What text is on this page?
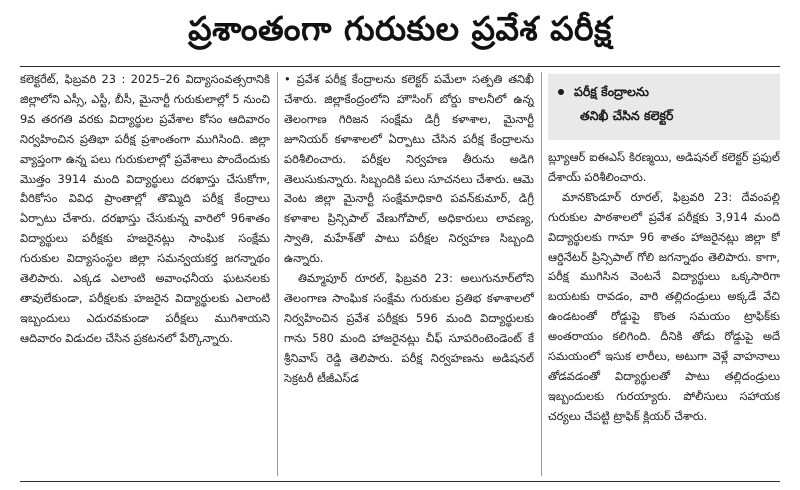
ప్రశాంతంగా గురుకుల ప్రవేశ పరీక్ష

కలెక్టరేట్, ఫిబ్రవరి 23 : 2025–26 విద్యాసంవత్సరానికి జిల్లాలోని ఎస్సీ, ఎస్టీ, బీసీ, మైనార్టీ గురుకులాల్లో 5 నుంచి 9వ తరగతి వరకు విద్యార్థుల ప్రవేశాల కోసం ఆదివారం నిర్వహించిన ప్రతిభా పరీక్ష ప్రశాంతంగా ముగిసింది. జిల్లా వ్యాప్తంగా ఉన్న పలు గురుకులాల్లో ప్రవేశాలు పొందేందుకు మొత్తం 3914 మంది విద్యార్థులు దరఖాస్తు చేసుకోగా, వీరికోసం వివిధ ప్రాంతాల్లో తొమ్మిది పరీక్ష కేంద్రాలు ఏర్పాటు చేశారు. దరఖాస్తు చేసుకున్న వారిలో 96శాతం విద్యార్థులు పరీక్షకు హజరైనట్లు సాంఘిక సంక్షేమ గురుకుల విద్యాసంస్థల జిల్లా సమన్వయకర్త జగన్నాథం తెలిపారు. ఎక్కడ ఎలాంటి అవాంఛనీయ ఘటనలకు తావులేకుండా, పరీక్షలకు హజరైన విద్యార్థులకు ఎలాంటి ఇబ్బందులు ఎదురవకుండా పరీక్షలు ముగిశాయని ఆదివారం విడుదల చేసిన ప్రకటనలో పేర్కొన్నారు.

• ప్రవేశ పరీక్ష కేంద్రాలను కలెక్టర్ పమేలా సత్పతి తనిఖీ చేశారు. జిల్లాకేంద్రంలోని హౌసింగ్ బోర్డు కాలనీలో ఉన్న తెలంగాణ గిరిజన సంక్షేమ డిగ్రీ కళాశాల, మైనార్టీ జూనియర్ కళాశాలలో ఏర్పాటు చేసిన పరీక్ష కేంద్రాలను పరిశీలించారు. పరీక్షల నిర్వహణ తీరును అడిగి తెలుసుకున్నారు. సిబ్బందికి పలు సూచనలు చేశారు. ఆమె వెంట జిల్లా మైనార్టీ సంక్షేమాధికారి పవన్‌కుమార్, డిగ్రీ కళాశాల ప్రిన్సిపాల్ వేణుగోపాల్, అధికారులు లావణ్య, స్వాతి, మహేశ్‌తో పాటు పరీక్షల నిర్వహణ సిబ్బంది ఉన్నారు.

తిమ్మాపూర్ రూరల్, ఫిబ్రవరి 23: అలుగునూర్‌లోని తెలంగాణ సాంఘిక సంక్షేమ గురుకుల ప్రతిభ కళాశాలలో నిర్వహించిన ప్రవేశ పరీక్షకు 596 మంది విద్యార్థులకు గాను 580 మంది హాజరైనట్లు చీఫ్ సూపరింటెండెంట్ కే శ్రీనివాస్ రెడ్డి తెలిపారు. పరీక్ష నిర్వహణను అడిషనల్ సెక్రటరీ టీజీఎస్‌డ

పరీక్ష కేంద్రాలను
తనిఖీ చేసిన కలెక్టర్

బ్ల్యూఆర్ ఐఈఎస్ కిరణ్మయి, అడిషనల్ కలెక్టర్ ప్రఫుల్ దేశాయ్ పరిశీలించారు.

మానకొండూర్ రూరల్, ఫిబ్రవరి 23: దేవంపల్లి గురుకుల పాఠశాలలో ప్రవేశ పరీక్షకు 3,914 మంది విద్యార్థులకు గానూ 96 శాతం హాజరైనట్లు జిల్లా కో ఆర్డినేటర్ ప్రిన్సిపాల్ గోలి జగన్నాథం తెలిపారు. కాగా, పరీక్ష ముగిసిన వెంటనే విద్యార్థులు ఒక్కసారిగా బయటకు రావడం, వారి తల్లిదండ్రులు అక్కడే వేచి ఉండటంతో రోడ్డుపై కొంత సమయం ట్రాఫిక్‌కు అంతరాయం కలిగింది. దీనికి తోడు రోడ్డుపై అదే సమయంలో ఇసుక లారీలు, అటుగా వెళ్లే వాహనాలు తోడవడంతో విద్యార్థులతో పాటు తల్లిదండ్రులు ఇబ్బందులకు గురయ్యారు. పోలీసులు సహాయక చర్యలు చేపట్టి ట్రాఫిక్ క్లియర్ చేశారు.
